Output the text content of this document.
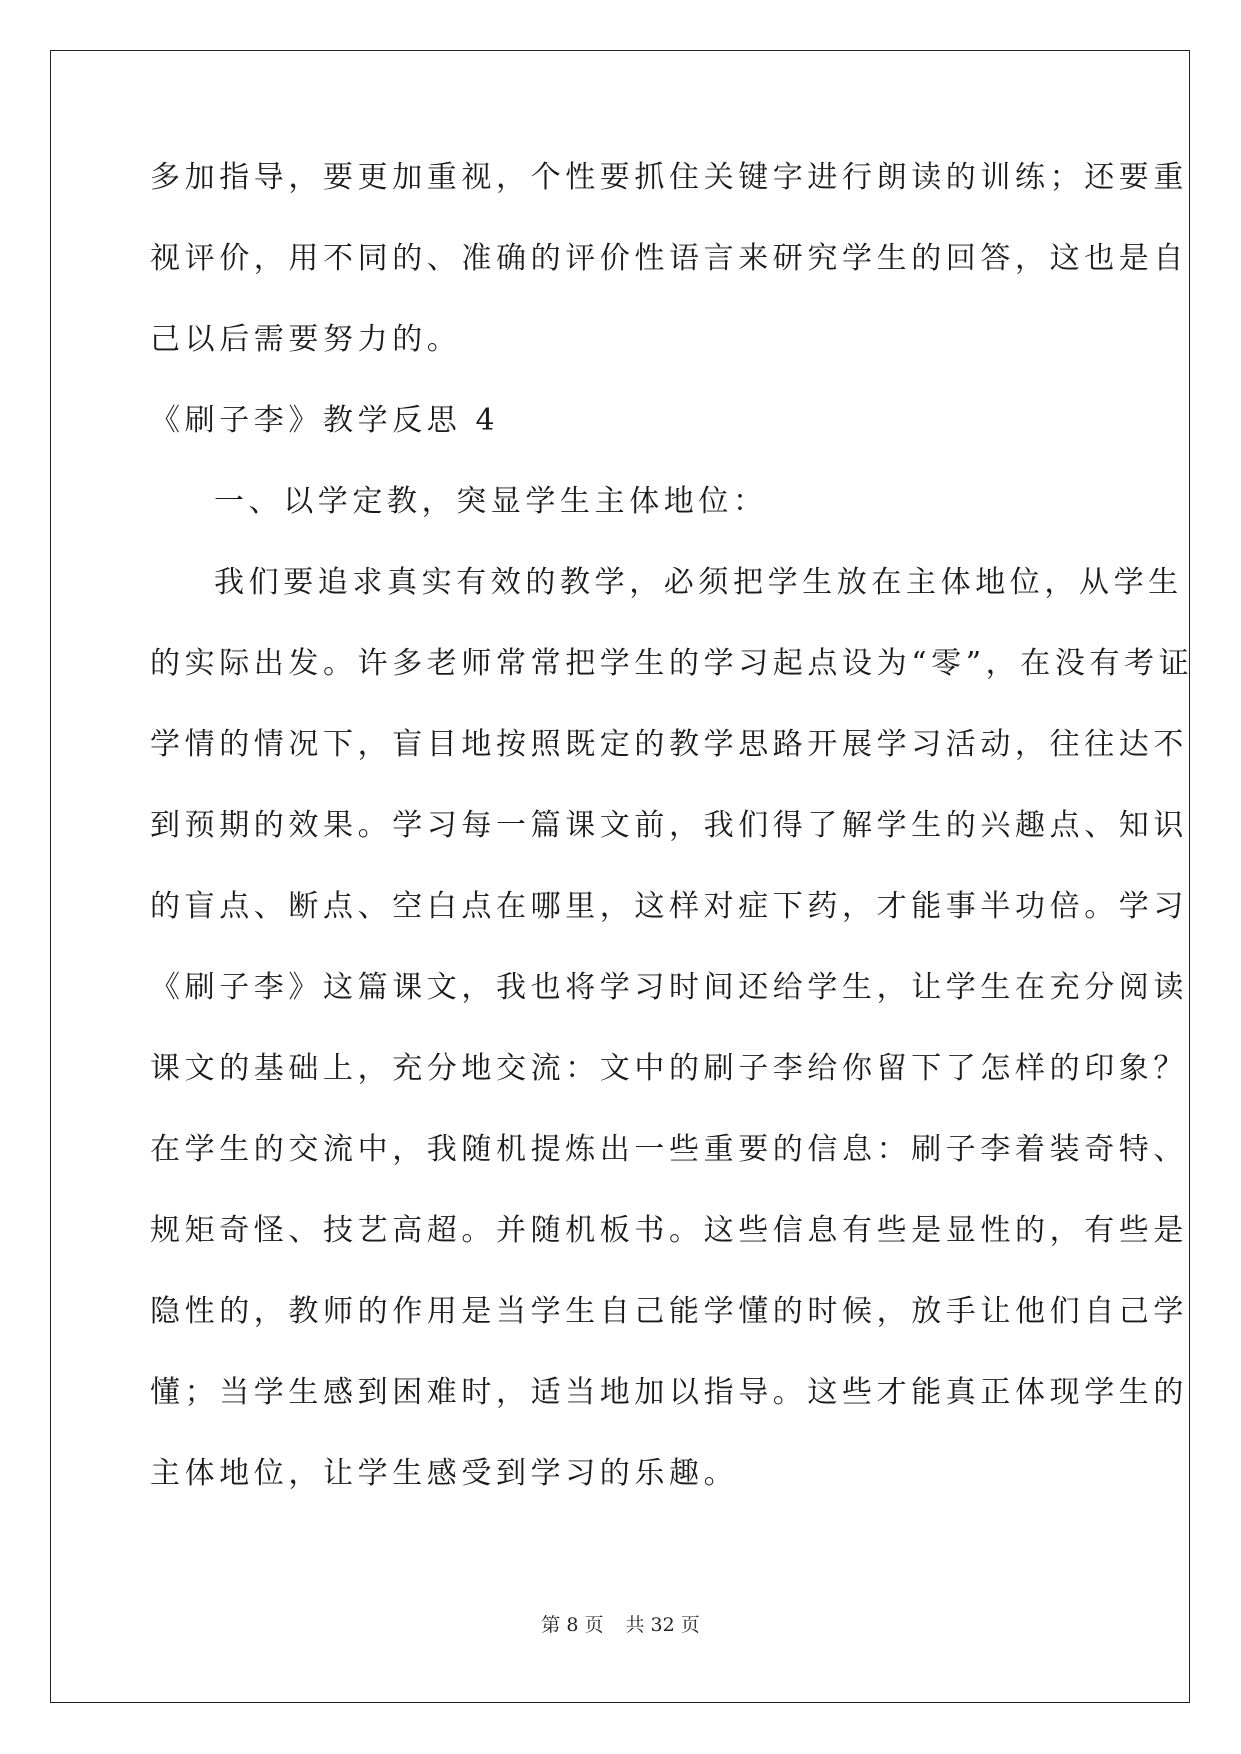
多加指导，要更加重视，个性要抓住关键字进行朗读的训练；还要重
视评价，用不同的、准确的评价性语言来研究学生的回答，这也是自
己以后需要努力的。
《刷子李》教学反思 4
一、以学定教，突显学生主体地位：
我们要追求真实有效的教学，必须把学生放在主体地位，从学生
的实际出发。许多老师常常把学生的学习起点设为“零”，在没有考证
学情的情况下，盲目地按照既定的教学思路开展学习活动，往往达不
到预期的效果。学习每一篇课文前，我们得了解学生的兴趣点、知识
的盲点、断点、空白点在哪里，这样对症下药，才能事半功倍。学习
《刷子李》这篇课文，我也将学习时间还给学生，让学生在充分阅读
课文的基础上，充分地交流：文中的刷子李给你留下了怎样的印象？
在学生的交流中，我随机提炼出一些重要的信息：刷子李着装奇特、
规矩奇怪、技艺高超。并随机板书。这些信息有些是显性的，有些是
隐性的，教师的作用是当学生自己能学懂的时候，放手让他们自己学
懂；当学生感到困难时，适当地加以指导。这些才能真正体现学生的
主体地位，让学生感受到学习的乐趣。
第 8 页 共 32 页
